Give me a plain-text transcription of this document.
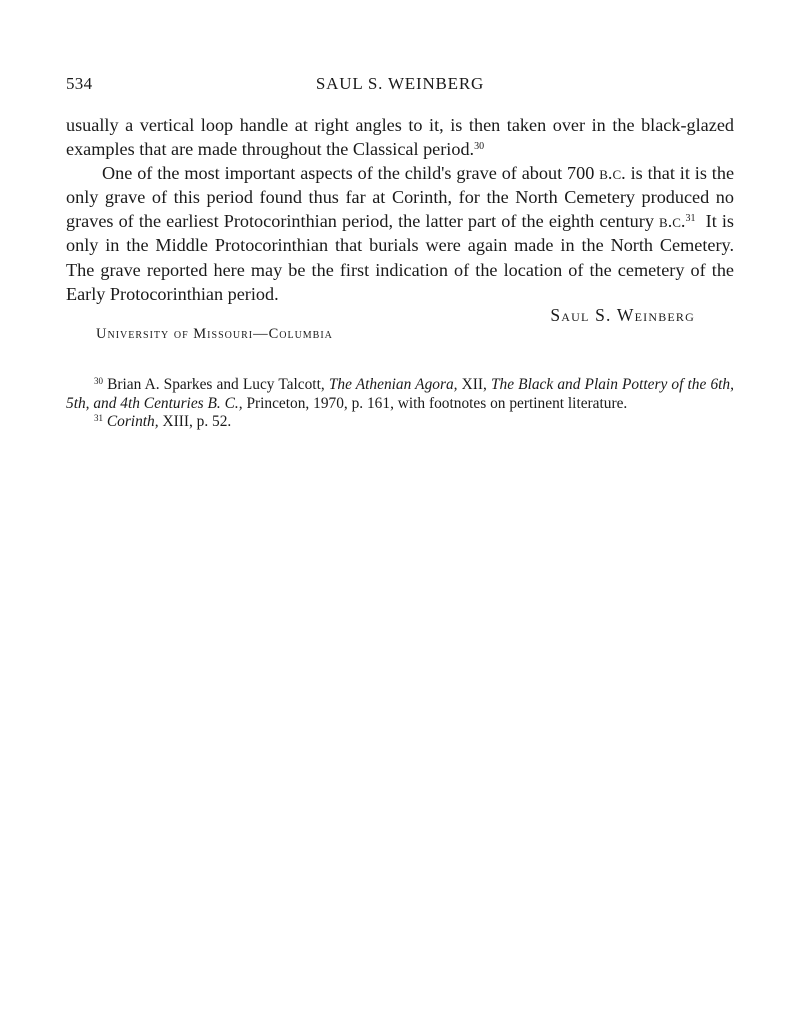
534	SAUL S. WEINBERG

usually a vertical loop handle at right angles to it, is then taken over in the black-glazed examples that are made throughout the Classical period.$^{30}$

One of the most important aspects of the child's grave of about 700 b.c. is that it is the only grave of this period found thus far at Corinth, for the North Cemetery produced no graves of the earliest Protocorinthian period, the latter part of the eighth century b.c.$^{31}$ It is only in the Middle Protocorinthian that burials were again made in the North Cemetery. The grave reported here may be the first indication of the location of the cemetery of the Early Protocorinthian period.

Saul S. Weinberg
University of Missouri—Columbia

$^{30}$ Brian A. Sparkes and Lucy Talcott, The Athenian Agora, XII, The Black and Plain Pottery of the 6th, 5th, and 4th Centuries B. C., Princeton, 1970, p. 161, with footnotes on pertinent literature.

$^{31}$ Corinth, XIII, p. 52.
